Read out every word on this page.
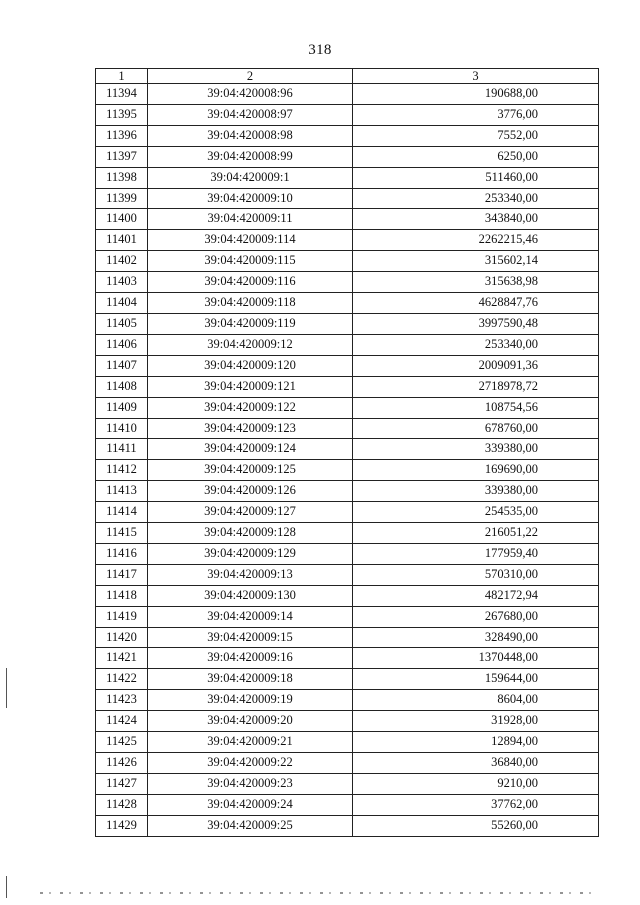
318
1	2	3
11394	39:04:420008:96	190688,00
11395	39:04:420008:97	3776,00
11396	39:04:420008:98	7552,00
11397	39:04:420008:99	6250,00
11398	39:04:420009:1	511460,00
11399	39:04:420009:10	253340,00
11400	39:04:420009:11	343840,00
11401	39:04:420009:114	2262215,46
11402	39:04:420009:115	315602,14
11403	39:04:420009:116	315638,98
11404	39:04:420009:118	4628847,76
11405	39:04:420009:119	3997590,48
11406	39:04:420009:12	253340,00
11407	39:04:420009:120	2009091,36
11408	39:04:420009:121	2718978,72
11409	39:04:420009:122	108754,56
11410	39:04:420009:123	678760,00
11411	39:04:420009:124	339380,00
11412	39:04:420009:125	169690,00
11413	39:04:420009:126	339380,00
11414	39:04:420009:127	254535,00
11415	39:04:420009:128	216051,22
11416	39:04:420009:129	177959,40
11417	39:04:420009:13	570310,00
11418	39:04:420009:130	482172,94
11419	39:04:420009:14	267680,00
11420	39:04:420009:15	328490,00
11421	39:04:420009:16	1370448,00
11422	39:04:420009:18	159644,00
11423	39:04:420009:19	8604,00
11424	39:04:420009:20	31928,00
11425	39:04:420009:21	12894,00
11426	39:04:420009:22	36840,00
11427	39:04:420009:23	9210,00
11428	39:04:420009:24	37762,00
11429	39:04:420009:25	55260,00
